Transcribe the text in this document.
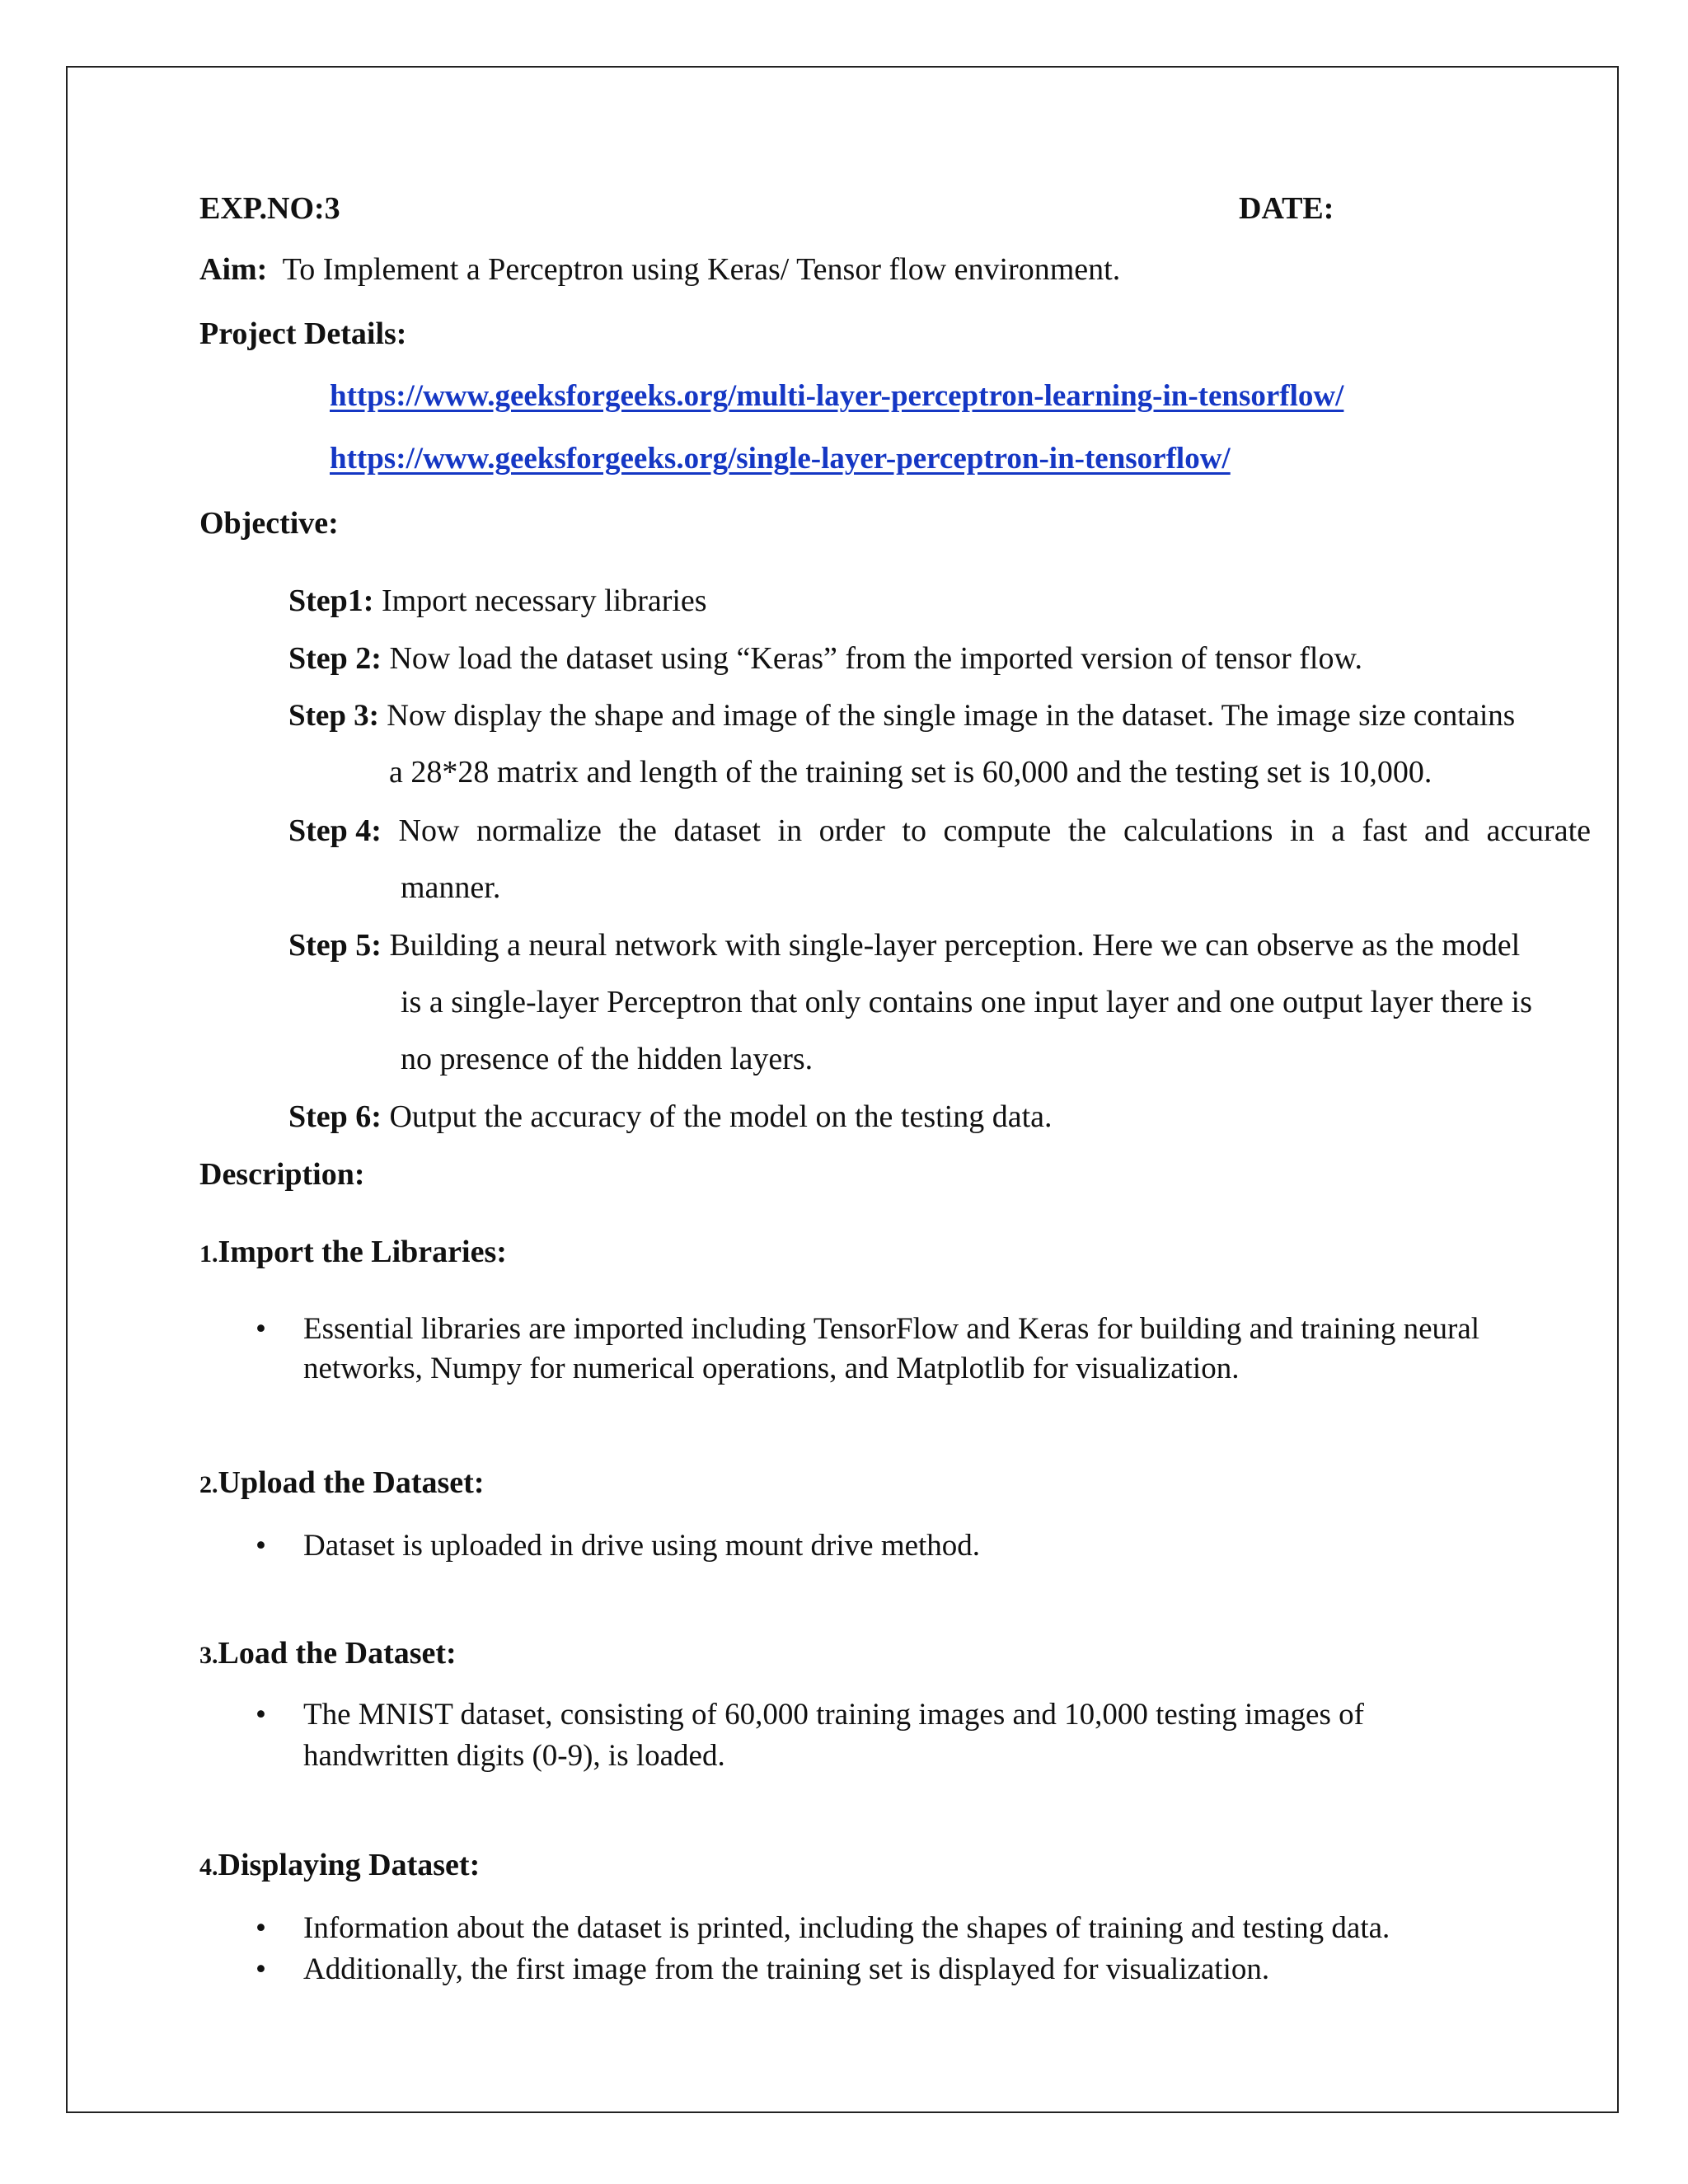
EXP.NO:3	DATE:
Aim: To Implement a Perceptron using Keras/ Tensor flow environment.
Project Details:
https://www.geeksforgeeks.org/multi-layer-perceptron-learning-in-tensorflow/
https://www.geeksforgeeks.org/single-layer-perceptron-in-tensorflow/
Objective:
Step1: Import necessary libraries
Step 2: Now load the dataset using “Keras” from the imported version of tensor flow.
Step 3: Now display the shape and image of the single image in the dataset. The image size contains
a 28*28 matrix and length of the training set is 60,000 and the testing set is 10,000.
Step 4: Now normalize the dataset in order to compute the calculations in a fast and accurate
manner.
Step 5: Building a neural network with single-layer perception. Here we can observe as the model
is a single-layer Perceptron that only contains one input layer and one output layer there is
no presence of the hidden layers.
Step 6: Output the accuracy of the model on the testing data.
Description:
1.Import the Libraries:
• Essential libraries are imported including TensorFlow and Keras for building and training neural
networks, Numpy for numerical operations, and Matplotlib for visualization.
2.Upload the Dataset:
• Dataset is uploaded in drive using mount drive method.
3.Load the Dataset:
• The MNIST dataset, consisting of 60,000 training images and 10,000 testing images of
handwritten digits (0-9), is loaded.
4.Displaying Dataset:
• Information about the dataset is printed, including the shapes of training and testing data.
• Additionally, the first image from the training set is displayed for visualization.
